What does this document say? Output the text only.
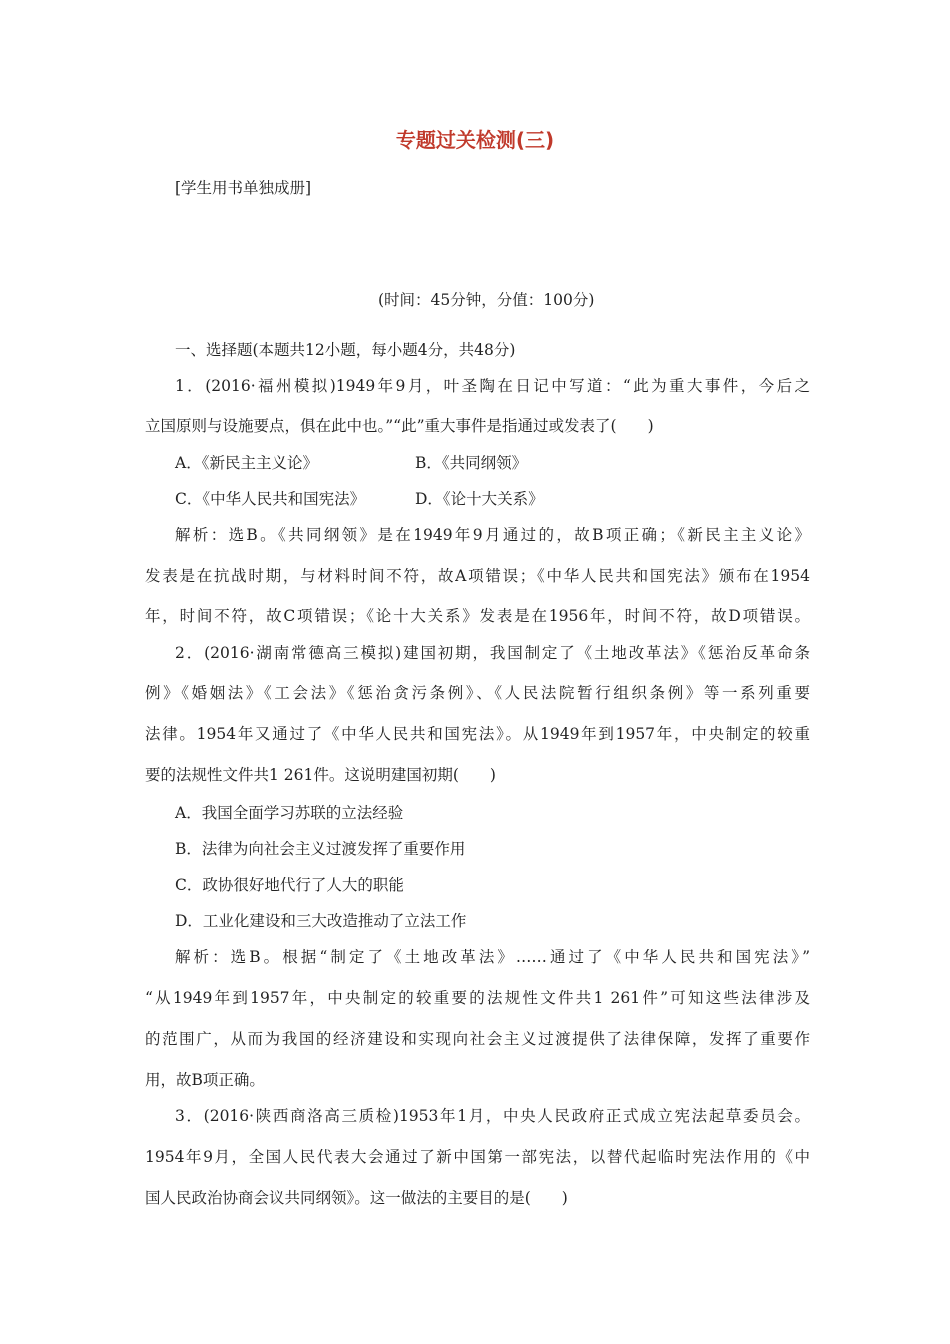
专题过关检测(三)
[学生用书单独成册]
(时间：45分钟，分值：100分)
一、选择题(本题共12小题，每小题4分，共48分)
1．(2016·福州模拟)1949年9月，叶圣陶在日记中写道：“此为重大事件，今后之
立国原则与设施要点，俱在此中也。”“此”重大事件是指通过或发表了(　　)
A．《新民主主义论》	B．《共同纲领》
C．《中华人民共和国宪法》	D．《论十大关系》
解析：选B。《共同纲领》是在1949年9月通过的，故B项正确；《新民主主义论》
发表是在抗战时期，与材料时间不符，故A项错误；《中华人民共和国宪法》颁布在1954
年，时间不符，故C项错误；《论十大关系》发表是在1956年，时间不符，故D项错误。
2．(2016·湖南常德高三模拟)建国初期，我国制定了《土地改革法》《惩治反革命条
例》《婚姻法》《工会法》《惩治贪污条例》、《人民法院暂行组织条例》等一系列重要
法律。1954年又通过了《中华人民共和国宪法》。从1949年到1957年，中央制定的较重
要的法规性文件共1 261件。这说明建国初期(　　)
A．我国全面学习苏联的立法经验
B．法律为向社会主义过渡发挥了重要作用
C．政协很好地代行了人大的职能
D．工业化建设和三大改造推动了立法工作
解析：选B。根据“制定了《土地改革法》……通过了《中华人民共和国宪法》”
“从1949年到1957年，中央制定的较重要的法规性文件共1 261件”可知这些法律涉及
的范围广，从而为我国的经济建设和实现向社会主义过渡提供了法律保障，发挥了重要作
用，故B项正确。
3．(2016·陕西商洛高三质检)1953年1月，中央人民政府正式成立宪法起草委员会。
1954年9月，全国人民代表大会通过了新中国第一部宪法，以替代起临时宪法作用的《中
国人民政治协商会议共同纲领》。这一做法的主要目的是(　　)
